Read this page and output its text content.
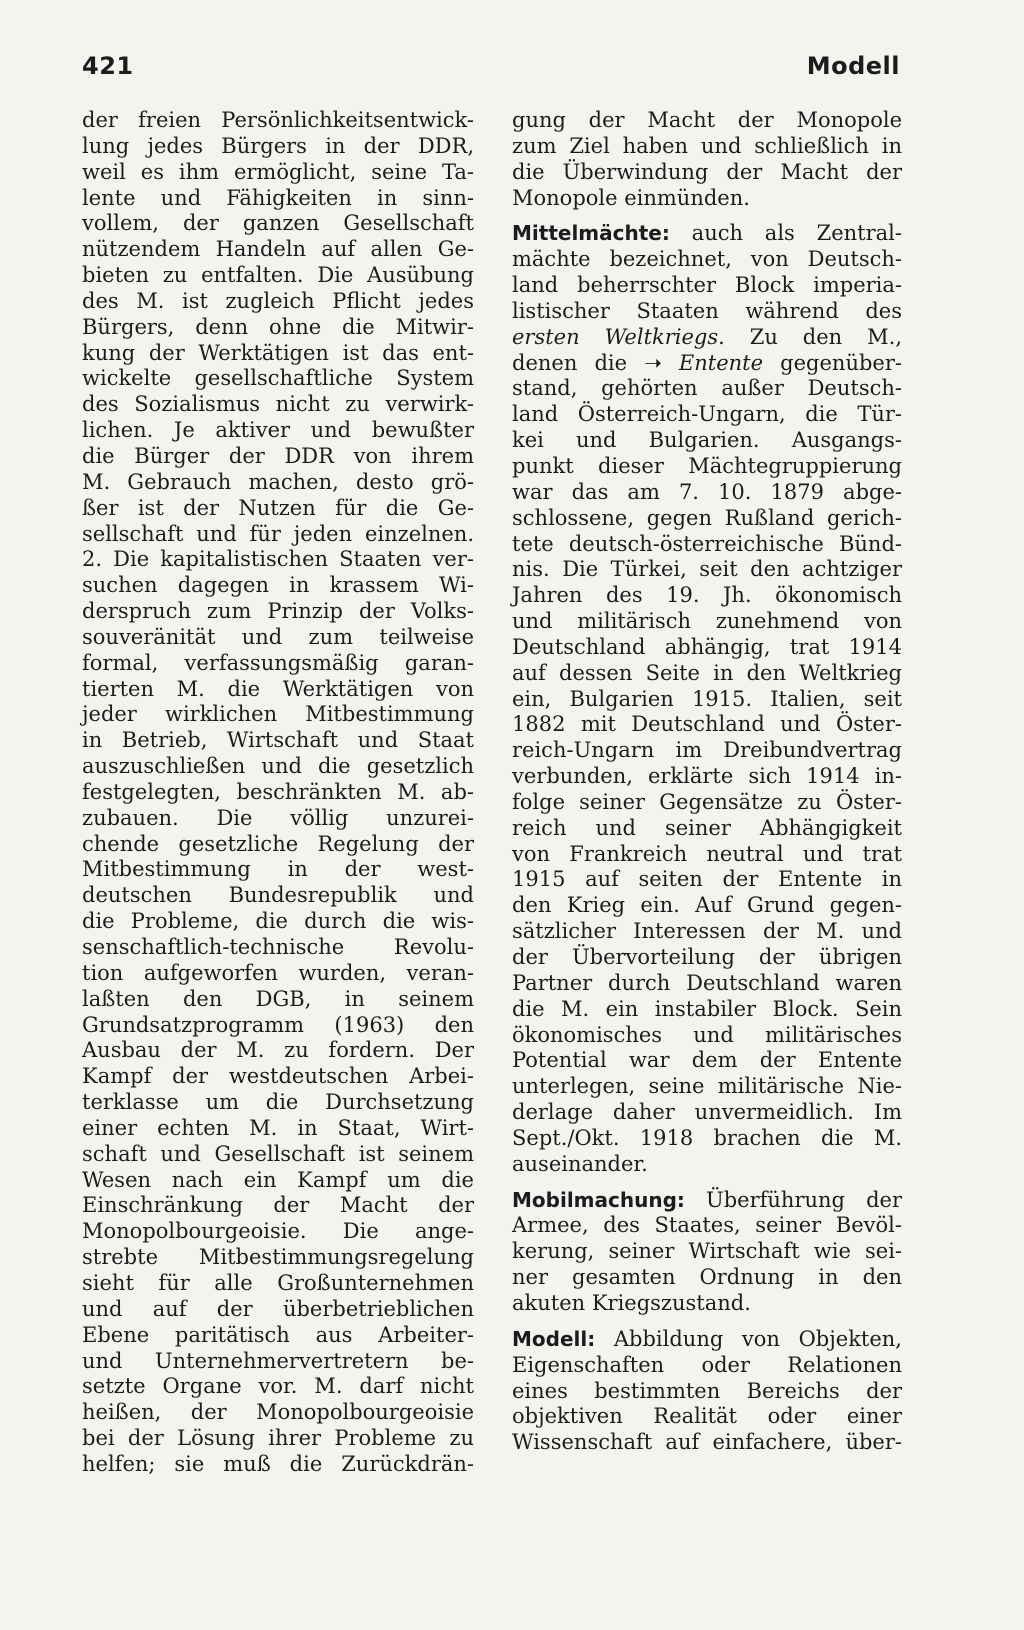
421	Modell
der freien Persönlichkeitsentwick-
lung jedes Bürgers in der DDR,
weil es ihm ermöglicht, seine Ta-
lente und Fähigkeiten in sinn-
vollem, der ganzen Gesellschaft
nützendem Handeln auf allen Ge-
bieten zu entfalten. Die Ausübung
des M. ist zugleich Pflicht jedes
Bürgers, denn ohne die Mitwir-
kung der Werktätigen ist das ent-
wickelte gesellschaftliche System
des Sozialismus nicht zu verwirk-
lichen. Je aktiver und bewußter
die Bürger der DDR von ihrem
M. Gebrauch machen, desto grö-
ßer ist der Nutzen für die Ge-
sellschaft und für jeden einzelnen.
2. Die kapitalistischen Staaten ver-
suchen dagegen in krassem Wi-
derspruch zum Prinzip der Volks-
souveränität und zum teilweise
formal, verfassungsmäßig garan-
tierten M. die Werktätigen von
jeder wirklichen Mitbestimmung
in Betrieb, Wirtschaft und Staat
auszuschließen und die gesetzlich
festgelegten, beschränkten M. ab-
zubauen. Die völlig unzurei-
chende gesetzliche Regelung der
Mitbestimmung in der west-
deutschen Bundesrepublik und
die Probleme, die durch die wis-
senschaftlich-technische Revolu-
tion aufgeworfen wurden, veran-
laßten den DGB, in seinem
Grundsatzprogramm (1963) den
Ausbau der M. zu fordern. Der
Kampf der westdeutschen Arbei-
terklasse um die Durchsetzung
einer echten M. in Staat, Wirt-
schaft und Gesellschaft ist seinem
Wesen nach ein Kampf um die
Einschränkung der Macht der
Monopolbourgeoisie. Die ange-
strebte Mitbestimmungsregelung
sieht für alle Großunternehmen
und auf der überbetrieblichen
Ebene paritätisch aus Arbeiter-
und Unternehmervertretern be-
setzte Organe vor. M. darf nicht
heißen, der Monopolbourgeoisie
bei der Lösung ihrer Probleme zu
helfen; sie muß die Zurückdrän-
gung der Macht der Monopole
zum Ziel haben und schließlich in
die Überwindung der Macht der
Monopole einmünden.
Mittelmächte: auch als Zentral-
mächte bezeichnet, von Deutsch-
land beherrschter Block imperia-
listischer Staaten während des
ersten Weltkriegs. Zu den M.,
denen die ➝ Entente gegenüber-
stand, gehörten außer Deutsch-
land Österreich-Ungarn, die Tür-
kei und Bulgarien. Ausgangs-
punkt dieser Mächtegruppierung
war das am 7. 10. 1879 abge-
schlossene, gegen Rußland gerich-
tete deutsch-österreichische Bünd-
nis. Die Türkei, seit den achtziger
Jahren des 19. Jh. ökonomisch
und militärisch zunehmend von
Deutschland abhängig, trat 1914
auf dessen Seite in den Weltkrieg
ein, Bulgarien 1915. Italien, seit
1882 mit Deutschland und Öster-
reich-Ungarn im Dreibundvertrag
verbunden, erklärte sich 1914 in-
folge seiner Gegensätze zu Öster-
reich und seiner Abhängigkeit
von Frankreich neutral und trat
1915 auf seiten der Entente in
den Krieg ein. Auf Grund gegen-
sätzlicher Interessen der M. und
der Übervorteilung der übrigen
Partner durch Deutschland waren
die M. ein instabiler Block. Sein
ökonomisches und militärisches
Potential war dem der Entente
unterlegen, seine militärische Nie-
derlage daher unvermeidlich. Im
Sept./Okt. 1918 brachen die M.
auseinander.
Mobilmachung: Überführung der
Armee, des Staates, seiner Bevöl-
kerung, seiner Wirtschaft wie sei-
ner gesamten Ordnung in den
akuten Kriegszustand.
Modell: Abbildung von Objekten,
Eigenschaften oder Relationen
eines bestimmten Bereichs der
objektiven Realität oder einer
Wissenschaft auf einfachere, über-
